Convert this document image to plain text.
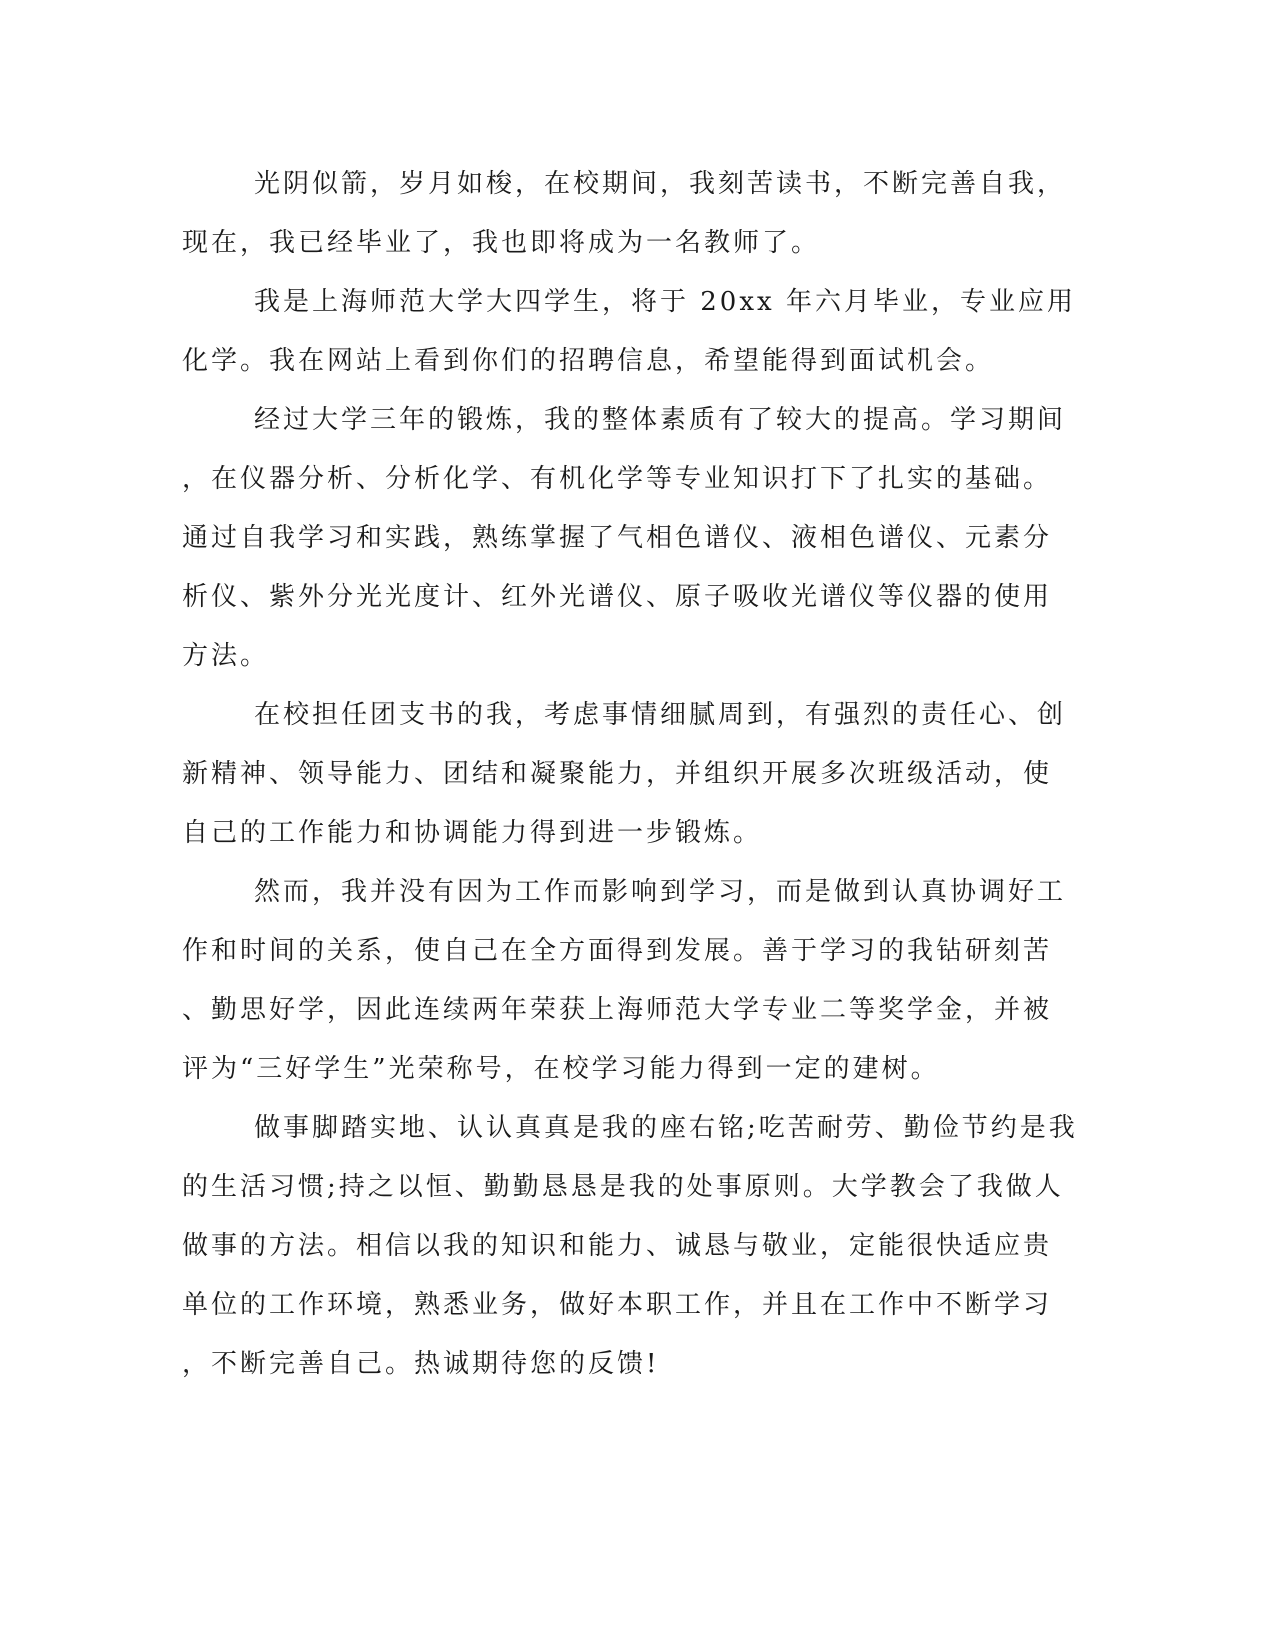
光阴似箭，岁月如梭，在校期间，我刻苦读书，不断完善自我，
现在，我已经毕业了，我也即将成为一名教师了。
我是上海师范大学大四学生，将于 20xx 年六月毕业，专业应用
化学。我在网站上看到你们的招聘信息，希望能得到面试机会。
经过大学三年的锻炼，我的整体素质有了较大的提高。学习期间
，在仪器分析、分析化学、有机化学等专业知识打下了扎实的基础。
通过自我学习和实践，熟练掌握了气相色谱仪、液相色谱仪、元素分
析仪、紫外分光光度计、红外光谱仪、原子吸收光谱仪等仪器的使用
方法。
在校担任团支书的我，考虑事情细腻周到，有强烈的责任心、创
新精神、领导能力、团结和凝聚能力，并组织开展多次班级活动，使
自己的工作能力和协调能力得到进一步锻炼。
然而，我并没有因为工作而影响到学习，而是做到认真协调好工
作和时间的关系，使自己在全方面得到发展。善于学习的我钻研刻苦
、勤思好学，因此连续两年荣获上海师范大学专业二等奖学金，并被
评为“三好学生”光荣称号，在校学习能力得到一定的建树。
做事脚踏实地、认认真真是我的座右铭;吃苦耐劳、勤俭节约是我
的生活习惯;持之以恒、勤勤恳恳是我的处事原则。大学教会了我做人
做事的方法。相信以我的知识和能力、诚恳与敬业，定能很快适应贵
单位的工作环境，熟悉业务，做好本职工作，并且在工作中不断学习
，不断完善自己。热诚期待您的反馈!
